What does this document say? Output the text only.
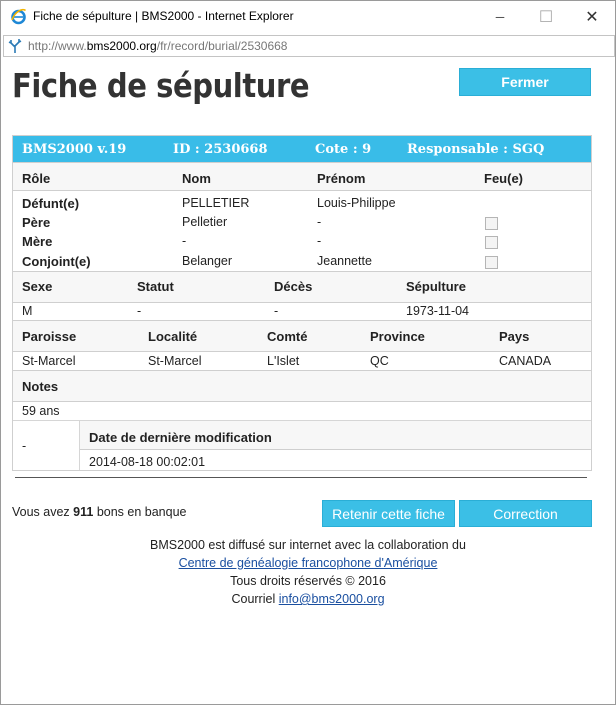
Fiche de sépulture | BMS2000 - Internet Explorer	─ ☐ ✕
http://www.bms2000.org/fr/record/burial/2530668
Fiche de sépulture	Fermer
BMS2000 v.19	ID : 2530668	Cote : 9	Responsable : SGQ
Rôle	Nom	Prénom	Feu(e)
Défunt(e)	PELLETIER	Louis-Philippe
Père	Pelletier	-
Mère	-	-
Conjoint(e)	Belanger	Jeannette
Sexe	Statut	Décès	Sépulture
M	-	-	1973-11-04
Paroisse	Localité	Comté	Province	Pays
St-Marcel	St-Marcel	L'Islet	QC	CANADA
Notes
59 ans
-
Date de dernière modification
2014-08-18 00:02:01
Vous avez 911 bons en banque	Retenir cette fiche	Correction
BMS2000 est diffusé sur internet avec la collaboration du
Centre de généalogie francophone d'Amérique
Tous droits réservés © 2016
Courriel info@bms2000.org
